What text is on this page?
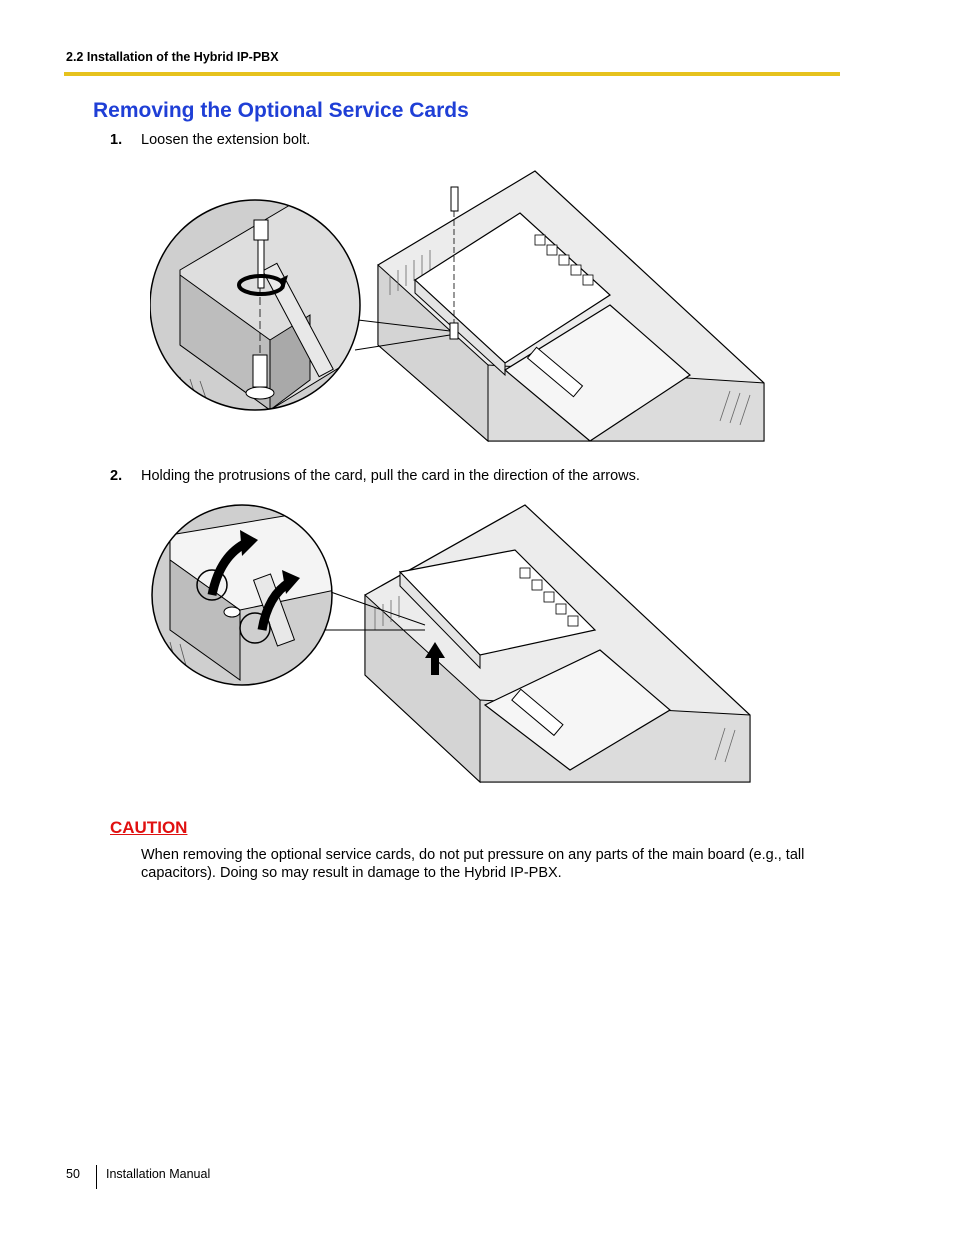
2.2 Installation of the Hybrid IP-PBX
Removing the Optional Service Cards
1. Loosen the extension bolt.
2. Holding the protrusions of the card, pull the card in the direction of the arrows.
CAUTION
When removing the optional service cards, do not put pressure on any parts of the main board (e.g., tall capacitors). Doing so may result in damage to the Hybrid IP-PBX.
50 Installation Manual
